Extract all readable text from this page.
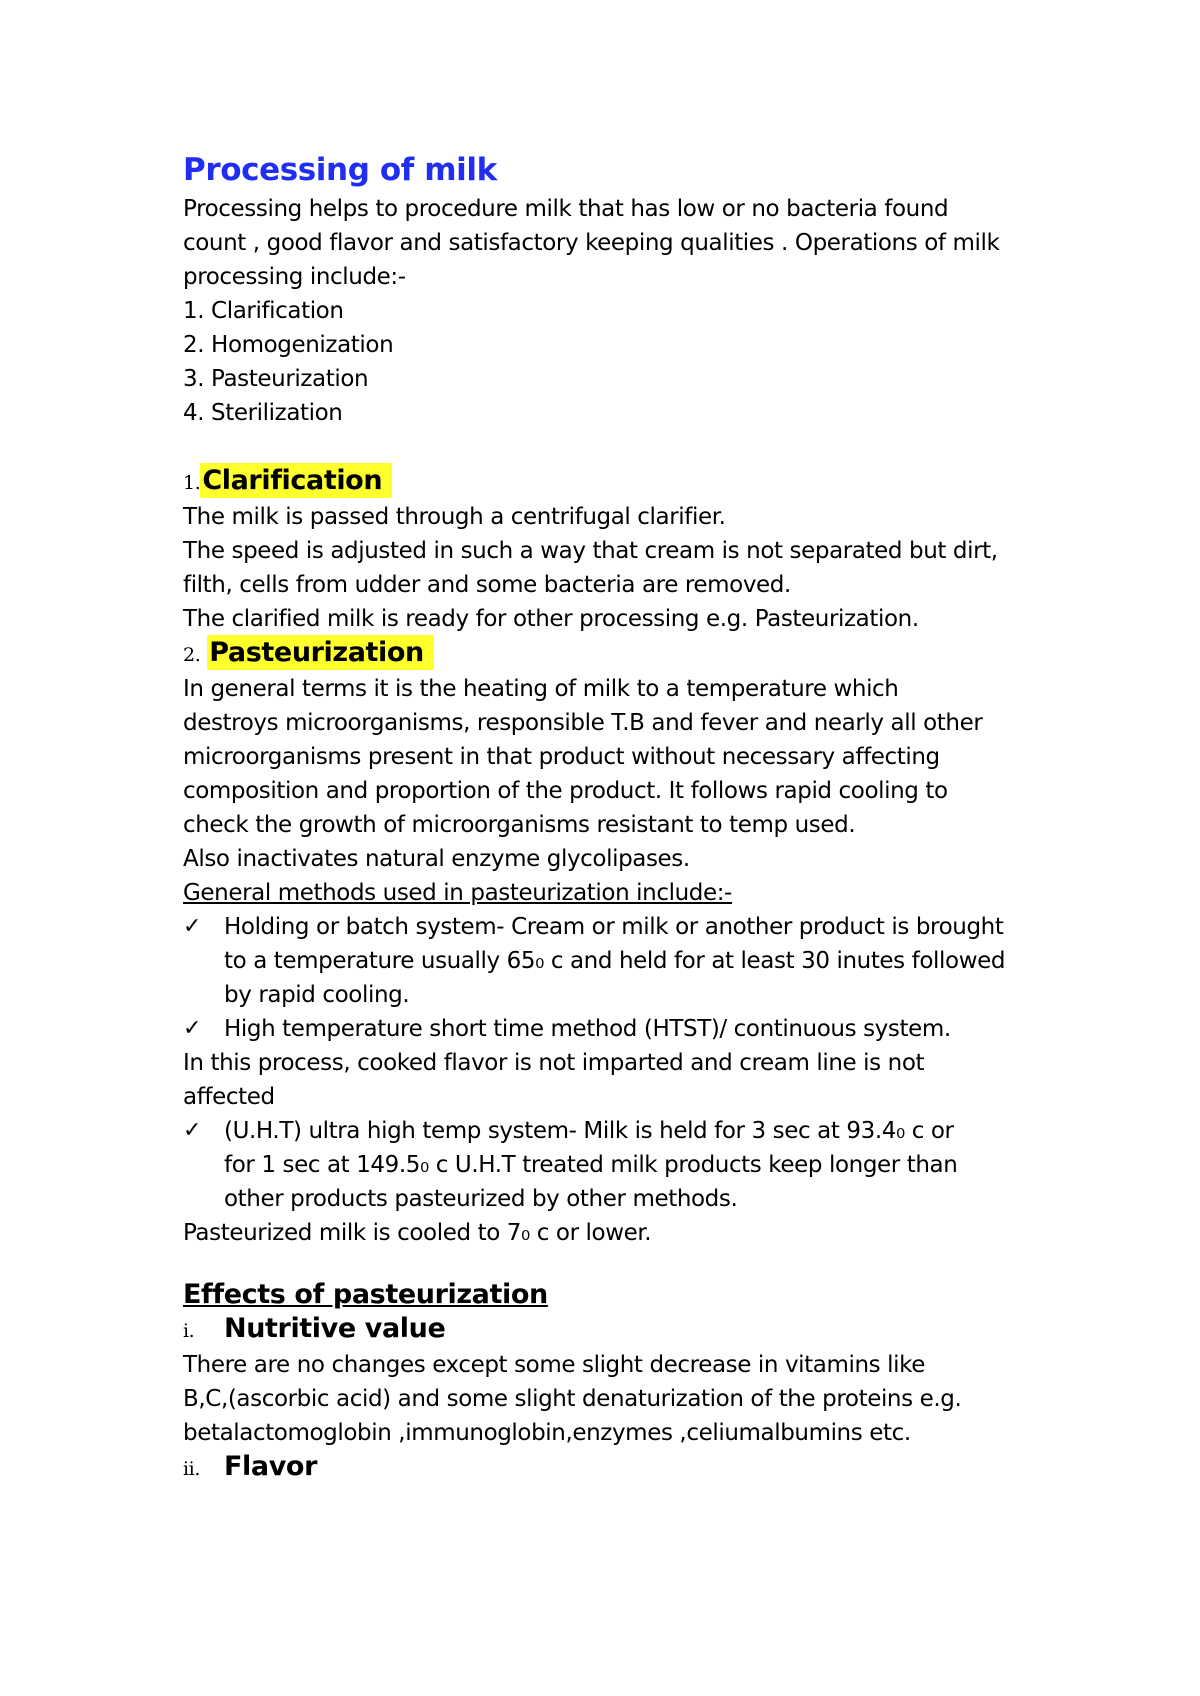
Processing of milk
Processing helps to procedure milk that has low or no bacteria found
count , good flavor and satisfactory keeping qualities . Operations of milk
processing include:-
1. Clarification
2. Homogenization
3. Pasteurization
4. Sterilization
1.Clarification
The milk is passed through a centrifugal clarifier.
The speed is adjusted in such a way that cream is not separated but dirt,
filth, cells from udder and some bacteria are removed.
The clarified milk is ready for other processing e.g. Pasteurization.
2. Pasteurization
In general terms it is the heating of milk to a temperature which
destroys microorganisms, responsible T.B and fever and nearly all other
microorganisms present in that product without necessary affecting
composition and proportion of the product. It follows rapid cooling to
check the growth of microorganisms resistant to temp used.
Also inactivates natural enzyme glycolipases.
General methods used in pasteurization include:-
✓ Holding or batch system- Cream or milk or another product is brought
to a temperature usually 65₀ c and held for at least 30 inutes followed
by rapid cooling.
✓ High temperature short time method (HTST)/ continuous system.
In this process, cooked flavor is not imparted and cream line is not
affected
✓ (U.H.T) ultra high temp system- Milk is held for 3 sec at 93.4₀ c or
for 1 sec at 149.5₀ c U.H.T treated milk products keep longer than
other products pasteurized by other methods.
Pasteurized milk is cooled to 7₀ c or lower.
Effects of pasteurization
i. Nutritive value
There are no changes except some slight decrease in vitamins like
B,C,(ascorbic acid) and some slight denaturization of the proteins e.g.
betalactomoglobin ,immunoglobin,enzymes ,celiumalbumins etc.
ii. Flavor
